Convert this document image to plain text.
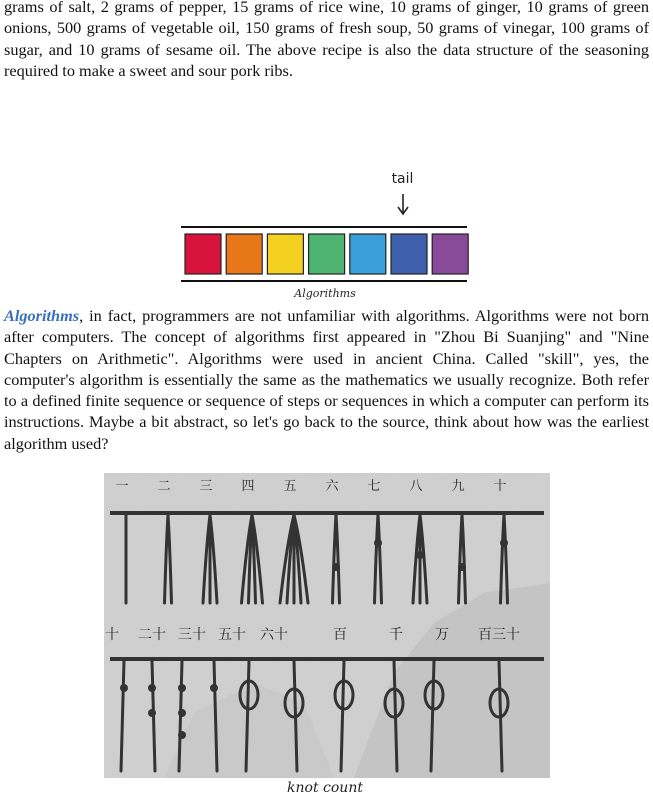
grams of salt, 2 grams of pepper, 15 grams of rice wine, 10 grams of ginger, 10 grams of green onions, 500 grams of vegetable oil, 150 grams of fresh soup, 50 grams of vinegar, 100 grams of sugar, and 10 grams of sesame oil. The above recipe is also the data structure of the seasoning required to make a sweet and sour pork ribs.

tail
Algorithms

Algorithms, in fact, programmers are not unfamiliar with algorithms. Algorithms were not born after computers. The concept of algorithms first appeared in "Zhou Bi Suanjing" and "Nine Chapters on Arithmetic". Algorithms were used in ancient China. Called "skill", yes, the computer's algorithm is essentially the same as the mathematics we usually recognize. Both refer to a defined finite sequence or sequence of steps or sequences in which a computer can perform its instructions. Maybe a bit abstract, so let's go back to the source, think about how was the earliest algorithm used?

一 二 三 四 五 六 七 八 九 十
十 二十 三十 五十 六十	百	千 万 百三十
knot count
